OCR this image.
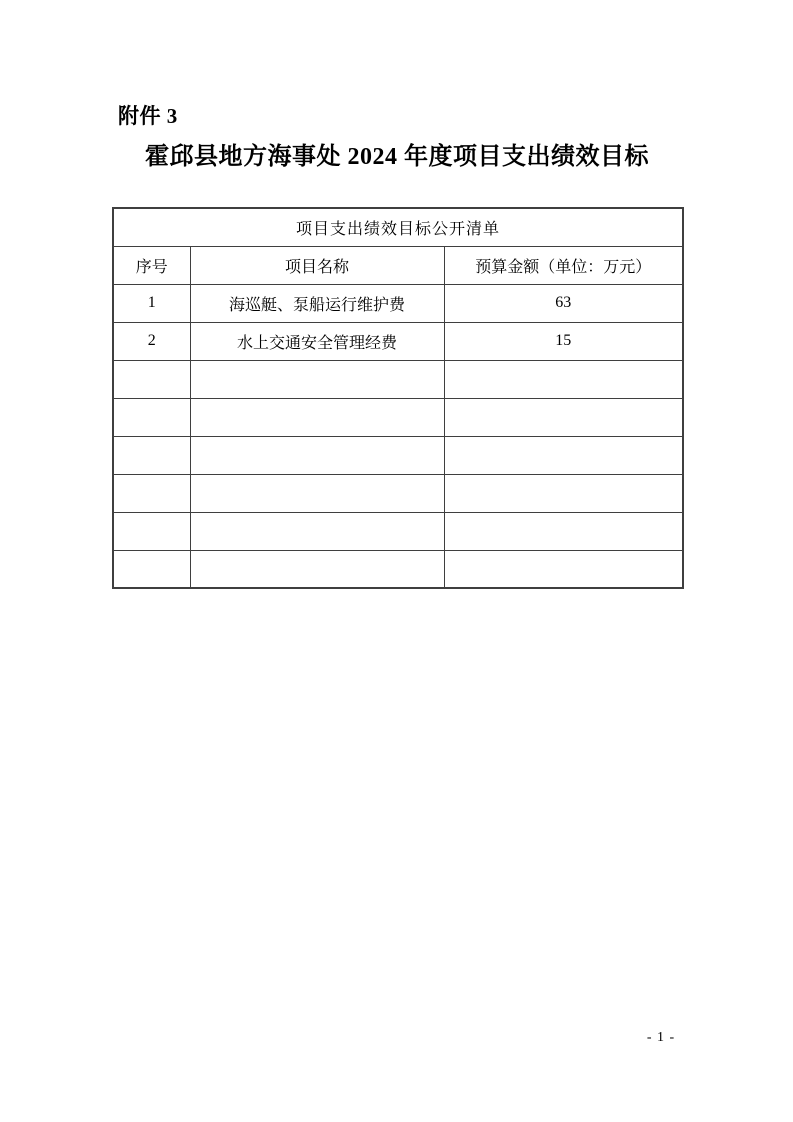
附件 3
霍邱县地方海事处 2024 年度项目支出绩效目标
项目支出绩效目标公开清单		
序号	项目名称	预算金额（单位：万元）
1	海巡艇、泵船运行维护费	63
2	水上交通安全管理经费	15

- 1 -
